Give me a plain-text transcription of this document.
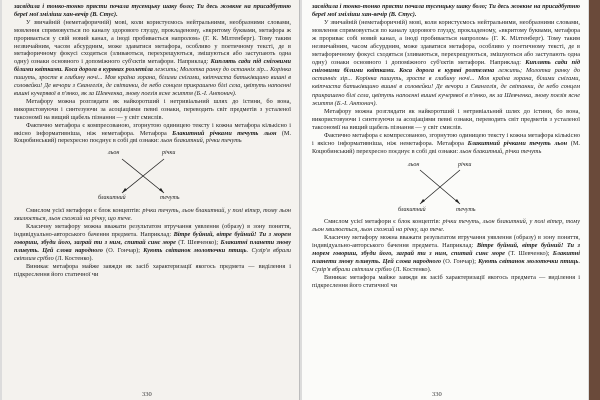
засвідила і тонко-тонко прясти почала тусенцьку шаку боло; Ти десь жовкне на присадбутню береї мої зміліиш хан-вечір (В. Стус).

У звичайній (неметафоричній) мові, коли користуємось нейтральними, необразними словами, мовлення спрямовується по каналу здорового глузду, прокладеному, «вкритому буквами, метафора ж проривається у свій новий канал, а іноді пробивається напролом» (Г. К. Мілтенберг). Тому таким незвичайним, часом абсурдним, може здаватися метафора, особливо у поетичному тексті, де в метафоричному фокусі сходяться (зливаються, перехрещуються, змішуються або заступають одна одну) ознаки основного і допоміжного суб'єктів метафори. Наприклад: Киплять сади під сніговими білими квітками. Коса дорога в курявах розлетіла лежить; Молотка ранку до останніх зір... Корінка пишуть, зросте в глибину ночі... Моя країна зорана, білими снігами, квітчаста батьківщино вишні в соловейки! Де вечори з Євангелія, де світанки, де небо сонцем прикрашено білі села, цвітуть напоєнні вишні кучерявої в п'янко, як за Шевченка, знову поезія ясне життя (Б.-І. Антонич).

Метафору можна розглядати як найкоротший і нетривіальний шлях до істини, бо вона, використовуючи і синтезуючи за асоціаціями певні ознаки, переводить світ предметів з усталеної таксономії на вищий щабель пізнання — у світ смислів.

Фактично метафора є компресованою, згорнутою одиницею тексту і кожна метафора кількісно і якісно інформативніша, ніж неметафора. Метафора Блакитний річками течуть льон (М. Коцюбинський) перехресно поєднує в собі дві ознаки: льон блакитний, річки течуть

льон	річки
блакитний	течуть

Смислом усієї метафори є блок концептів: річки течуть, льон блакитний, у полі вітер, тому льон хвилюється, льон схожий на річку, що тече.

Класичну метафору можна вважати результатом втручання уявлення (образу) в зону поняття, індивідуально-авторського бачення предмета. Наприклад: Вітре буйний, вітре буйний! Ти з морем говориш, збуди його, заграй ти з ним, спитай синє море (Т. Шевченко); Блакитні планети знову пливуть. Цей слова народного (О. Гончар); Кують світанок молоточки птиць. Сузір'я вбрали світлим срібло (Л. Костенко).

Виникає метафора майже завжди як засіб характеризації якогось предмета — виділення і підкреслення його статичної чи

330

засвідила і тонко-тонко прясти почала тусенцьку шаку боло; Ти десь жовкне на присадбутню береї мої зміліиш хан-вечір (В. Стус).

У звичайній (неметафоричній) мові, коли користуємось нейтральними, необразними словами, мовлення спрямовується по каналу здорового глузду, прокладеному, «вкритому буквами, метафора ж прориває собі новий канал, а іноді пробивається напролом» (Г. К. Мілтенберг). Тому таким незвичайним, часом абсурдним, може здаватися метафора, особливо у поетичному тексті, де в метафоричному фокусі сходяться (зливаються, перехрещуються, змішуються або заступають одна одну) ознаки основного і допоміжного суб'єктів метафори. Наприклад: Киплять сади під сніговими білими квітками. Коса дорога в куряві розтелена лежить; Молотка ранку до останніх зір... Корінка пишуть, зросте в глибину ночі... Моя країна зорана, білими снігами, квітчаста батьківщино вишні в соловейки! Де вечори з Євангелія, де світанки, де небо сонцем прикрашено білі села, цвітуть напоєнні вишні кучерявої в п'янко, як за Шевченка, знову поезія ясне життя (Б.-І. Антонич).

Метафору можна розглядати як найкоротший і нетривіальний шлях до істини, бо вона, використовуючи і синтезуючи за асоціаціями певні ознаки, переводить світ предметів з усталеної таксономії на вищий щабель пізнання — у світ смислів.

Фактично метафора є компресованою, згорнутою одиницею тексту і кожна метафора кількісно і якісно інформативніша, ніж неметафора. Метафора Блакитний річками течуть льон (М. Коцюбинський) перехресно поєднує в собі дві ознаки: льон блакитний, річки течуть

льон	річки
блакитний	течуть

Смислом усієї метафори є блок концептів: річки течуть, льон блакитний, у полі вітер, тому льон хвилюється, льон схожий на річку, що тече.

Класичну метафору можна вважати результатом втручання уявлення (образу) в зону поняття, індивідуально-авторського бачення предмета. Наприклад: Вітре буйний, вітре буйний! Ти з морем говориш, збуди його, заграй ти з ним, спитай синє море (Т. Шевченко); Блакитні планети знову пливуть. Цей слова народного (О. Гончар); Кують світанок молоточки птиць. Сузір'я вбрали світлим срібло (Л. Костенко).

Виникає метафора майже завжди як засіб характеризації якогось предмета — виділення і підкреслення його статичної чи

330
